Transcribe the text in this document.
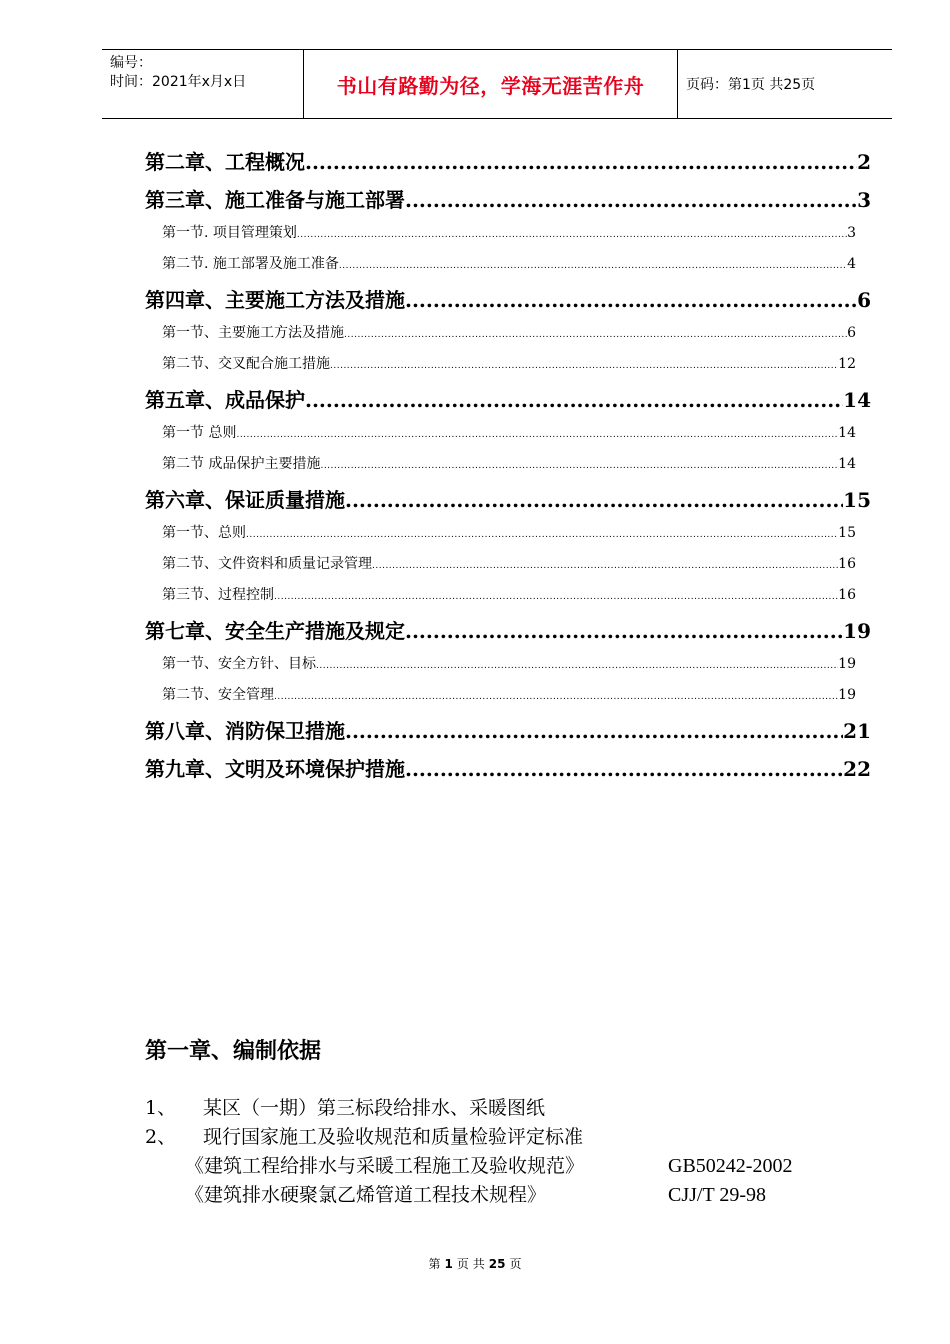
编号：
时间：2021年x月x日	书山有路勤为径，学海无涯苦作舟	页码：第1页 共25页
第二章、工程概况 .....	2
第三章、施工准备与施工部署 .....	3
第一节. 项目管理策划 .....	3
第二节. 施工部署及施工准备 .....	4
第四章、主要施工方法及措施 .....	6
第一节、主要施工方法及措施 .....	6
第二节、交叉配合施工措施 .....	12
第五章、成品保护 .....	14
第一节 总则 .....	14
第二节 成品保护主要措施 .....	14
第六章、保证质量措施 .....	15
第一节、总则 .....	15
第二节、文件资料和质量记录管理 .....	16
第三节、过程控制 .....	16
第七章、安全生产措施及规定 .....	19
第一节、安全方针、目标 .....	19
第二节、安全管理 .....	19
第八章、消防保卫措施 .....	21
第九章、文明及环境保护措施 .....	22
第一章、编制依据
1、 某区（一期）第三标段给排水、采暖图纸
2、 现行国家施工及验收规范和质量检验评定标准
《建筑工程给排水与采暖工程施工及验收规范》	GB50242-2002
《建筑排水硬聚氯乙烯管道工程技术规程》	CJJ/T 29-98
第 1 页 共 25 页
